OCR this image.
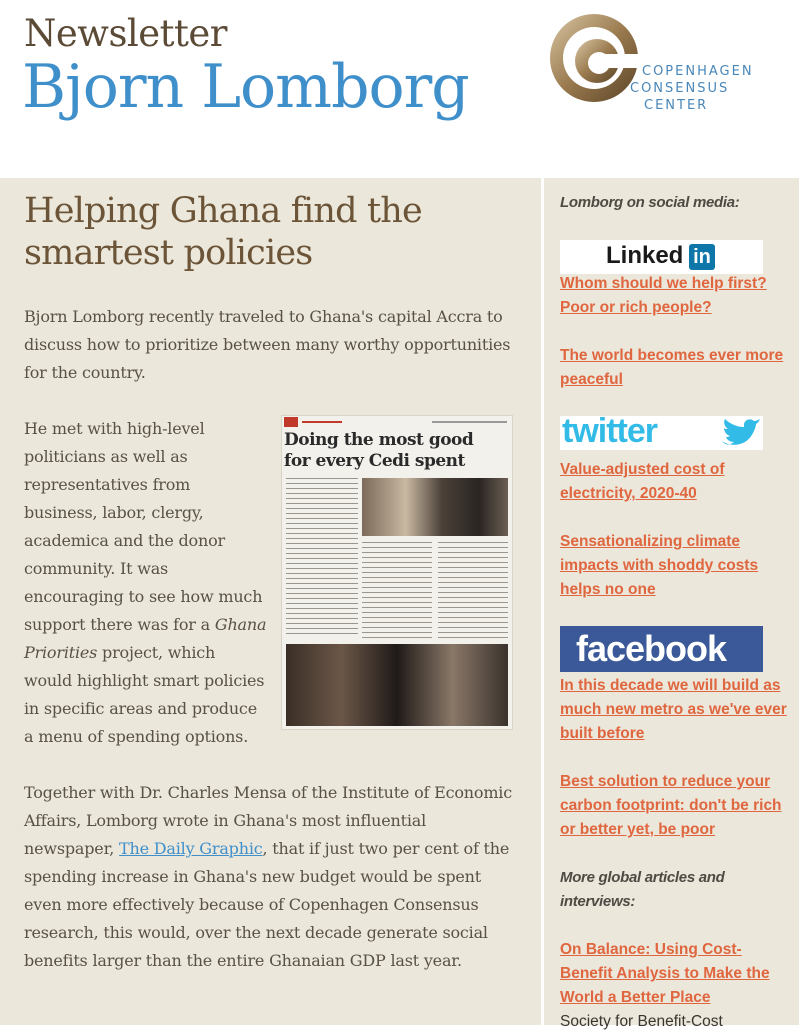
Newsletter
Bjorn Lomborg	COPENHAGEN
CONSENSUS
CENTER
Helping Ghana find the
smartest policies
Bjorn Lomborg recently traveled to Ghana's capital Accra to discuss how to prioritize between many worthy opportunities for the country.
He met with high-level
politicians as well as
representatives from
business, labor, clergy,
academica and the donor
community. It was
encouraging to see how much
support there was for a Ghana
Priorities project, which
would highlight smart policies
in specific areas and produce
a menu of spending options.
Doing the most good
for every Cedi spent
Together with Dr. Charles Mensa of the Institute of Economic Affairs, Lomborg wrote in Ghana's most influential newspaper, The Daily Graphic, that if just two per cent of the spending increase in Ghana's new budget would be spent even more effectively because of Copenhagen Consensus research, this would, over the next decade generate social benefits larger than the entire Ghanaian GDP last year.
Lomborg on social media:
Linked in
Whom should we help first? Poor or rich people?
The world becomes ever more peaceful
twitter
Value-adjusted cost of electricity, 2020-40
Sensationalizing climate impacts with shoddy costs helps no one
facebook
In this decade we will build as much new metro as we've ever built before
Best solution to reduce your carbon footprint: don't be rich or better yet, be poor
More global articles and interviews:
On Balance: Using Cost-Benefit Analysis to Make the World a Better Place
Society for Benefit-Cost
